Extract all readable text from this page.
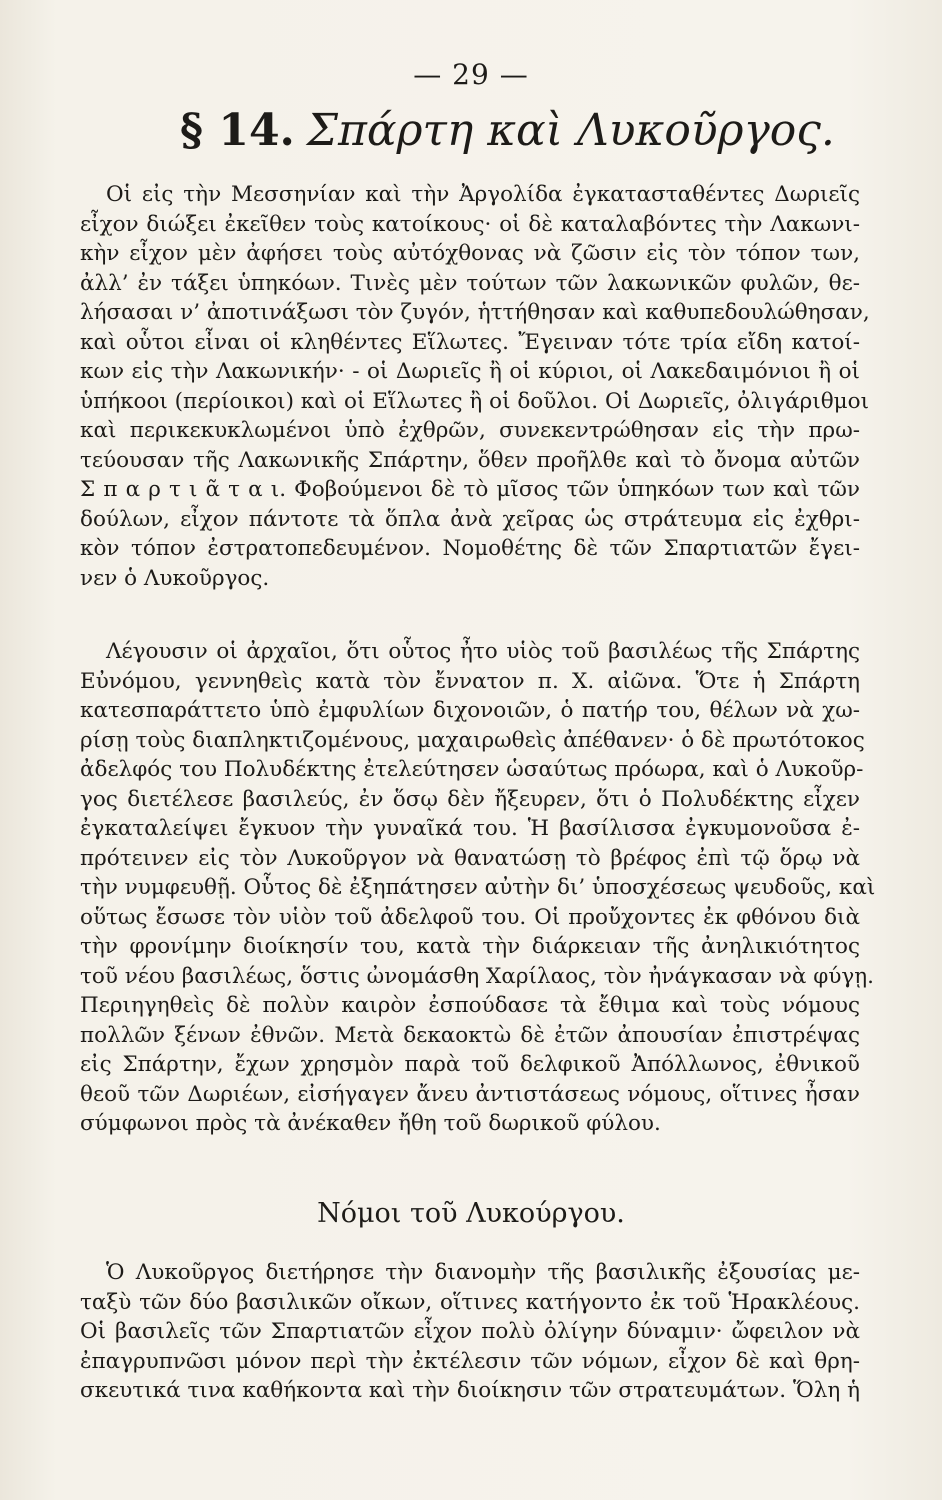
— 29 —
§ 14. Σπάρτη καὶ Λυκοῦργος.
Οἱ εἰς τὴν Μεσσηνίαν καὶ τὴν Ἀργολίδα ἐγκατασταθέντες Δωριεῖς
εἶχον διώξει ἐκεῖθεν τοὺς κατοίκους· οἱ δὲ καταλαβόντες τὴν Λακωνι-
κὴν εἶχον μὲν ἀφήσει τοὺς αὐτόχθονας νὰ ζῶσιν εἰς τὸν τόπον των,
ἀλλ’ ἐν τάξει ὑπηκόων. Τινὲς μὲν τούτων τῶν λακωνικῶν φυλῶν, θε-
λήσασαι ν’ ἀποτινάξωσι τὸν ζυγόν, ἡττήθησαν καὶ καθυπεδουλώθησαν,
καὶ οὗτοι εἶναι οἱ κληθέντες Εἵλωτες. Ἔγειναν τότε τρία εἴδη κατοί-
κων εἰς τὴν Λακωνικήν· - οἱ Δωριεῖς ἢ οἱ κύριοι, οἱ Λακεδαιμόνιοι ἢ οἱ
ὑπήκοοι (περίοικοι) καὶ οἱ Εἵλωτες ἢ οἱ δοῦλοι. Οἱ Δωριεῖς, ὀλιγάριθμοι
καὶ περικεκυκλωμένοι ὑπὸ ἐχθρῶν, συνεκεντρώθησαν εἰς τὴν πρω-
τεύουσαν τῆς Λακωνικῆς Σπάρτην, ὅθεν προῆλθε καὶ τὸ ὄνομα αὐτῶν
Σ π α ρ τ ι ᾶ τ α ι. Φοβούμενοι δὲ τὸ μῖσος τῶν ὑπηκόων των καὶ τῶν
δούλων, εἶχον πάντοτε τὰ ὅπλα ἀνὰ χεῖρας ὡς στράτευμα εἰς ἐχθρι-
κὸν τόπον ἐστρατοπεδευμένον. Νομοθέτης δὲ τῶν Σπαρτιατῶν ἔγει-
νεν ὁ Λυκοῦργος.
Λέγουσιν οἱ ἀρχαῖοι, ὅτι οὗτος ἦτο υἱὸς τοῦ βασιλέως τῆς Σπάρτης
Εὐνόμου, γεννηθεὶς κατὰ τὸν ἔννατον π. Χ. αἰῶνα. Ὅτε ἡ Σπάρτη
κατεσπαράττετο ὑπὸ ἐμφυλίων διχονοιῶν, ὁ πατήρ του, θέλων νὰ χω-
ρίσῃ τοὺς διαπληκτιζομένους, μαχαιρωθεὶς ἀπέθανεν· ὁ δὲ πρωτότοκος
ἀδελφός του Πολυδέκτης ἐτελεύτησεν ὡσαύτως πρόωρα, καὶ ὁ Λυκοῦρ-
γος διετέλεσε βασιλεύς, ἐν ὅσῳ δὲν ἤξευρεν, ὅτι ὁ Πολυδέκτης εἶχεν
ἐγκαταλείψει ἔγκυον τὴν γυναῖκά του. Ἡ βασίλισσα ἐγκυμονοῦσα ἐ-
πρότεινεν εἰς τὸν Λυκοῦργον νὰ θανατώσῃ τὸ βρέφος ἐπὶ τῷ ὅρῳ νὰ
τὴν νυμφευθῇ. Οὗτος δὲ ἐξηπάτησεν αὐτὴν δι’ ὑποσχέσεως ψευδοῦς, καὶ
οὕτως ἔσωσε τὸν υἱὸν τοῦ ἀδελφοῦ του. Οἱ προὔχοντες ἐκ φθόνου διὰ
τὴν φρονίμην διοίκησίν του, κατὰ τὴν διάρκειαν τῆς ἀνηλικιότητος
τοῦ νέου βασιλέως, ὅστις ὠνομάσθη Χαρίλαος, τὸν ἠνάγκασαν νὰ φύγῃ.
Περιηγηθεὶς δὲ πολὺν καιρὸν ἐσπούδασε τὰ ἔθιμα καὶ τοὺς νόμους
πολλῶν ξένων ἐθνῶν. Μετὰ δεκαοκτὼ δὲ ἐτῶν ἀπουσίαν ἐπιστρέψας
εἰς Σπάρτην, ἔχων χρησμὸν παρὰ τοῦ δελφικοῦ Ἀπόλλωνος, ἐθνικοῦ
θεοῦ τῶν Δωριέων, εἰσήγαγεν ἄνευ ἀντιστάσεως νόμους, οἵτινες ἦσαν
σύμφωνοι πρὸς τὰ ἀνέκαθεν ἤθη τοῦ δωρικοῦ φύλου.
Νόμοι τοῦ Λυκούργου.
Ὁ Λυκοῦργος διετήρησε τὴν διανομὴν τῆς βασιλικῆς ἐξουσίας με-
ταξὺ τῶν δύο βασιλικῶν οἴκων, οἵτινες κατήγοντο ἐκ τοῦ Ἡρακλέους.
Οἱ βασιλεῖς τῶν Σπαρτιατῶν εἶχον πολὺ ὀλίγην δύναμιν· ὤφειλον νὰ
ἐπαγρυπνῶσι μόνον περὶ τὴν ἐκτέλεσιν τῶν νόμων, εἶχον δὲ καὶ θρη-
σκευτικά τινα καθήκοντα καὶ τὴν διοίκησιν τῶν στρατευμάτων. Ὅλη ἡ
